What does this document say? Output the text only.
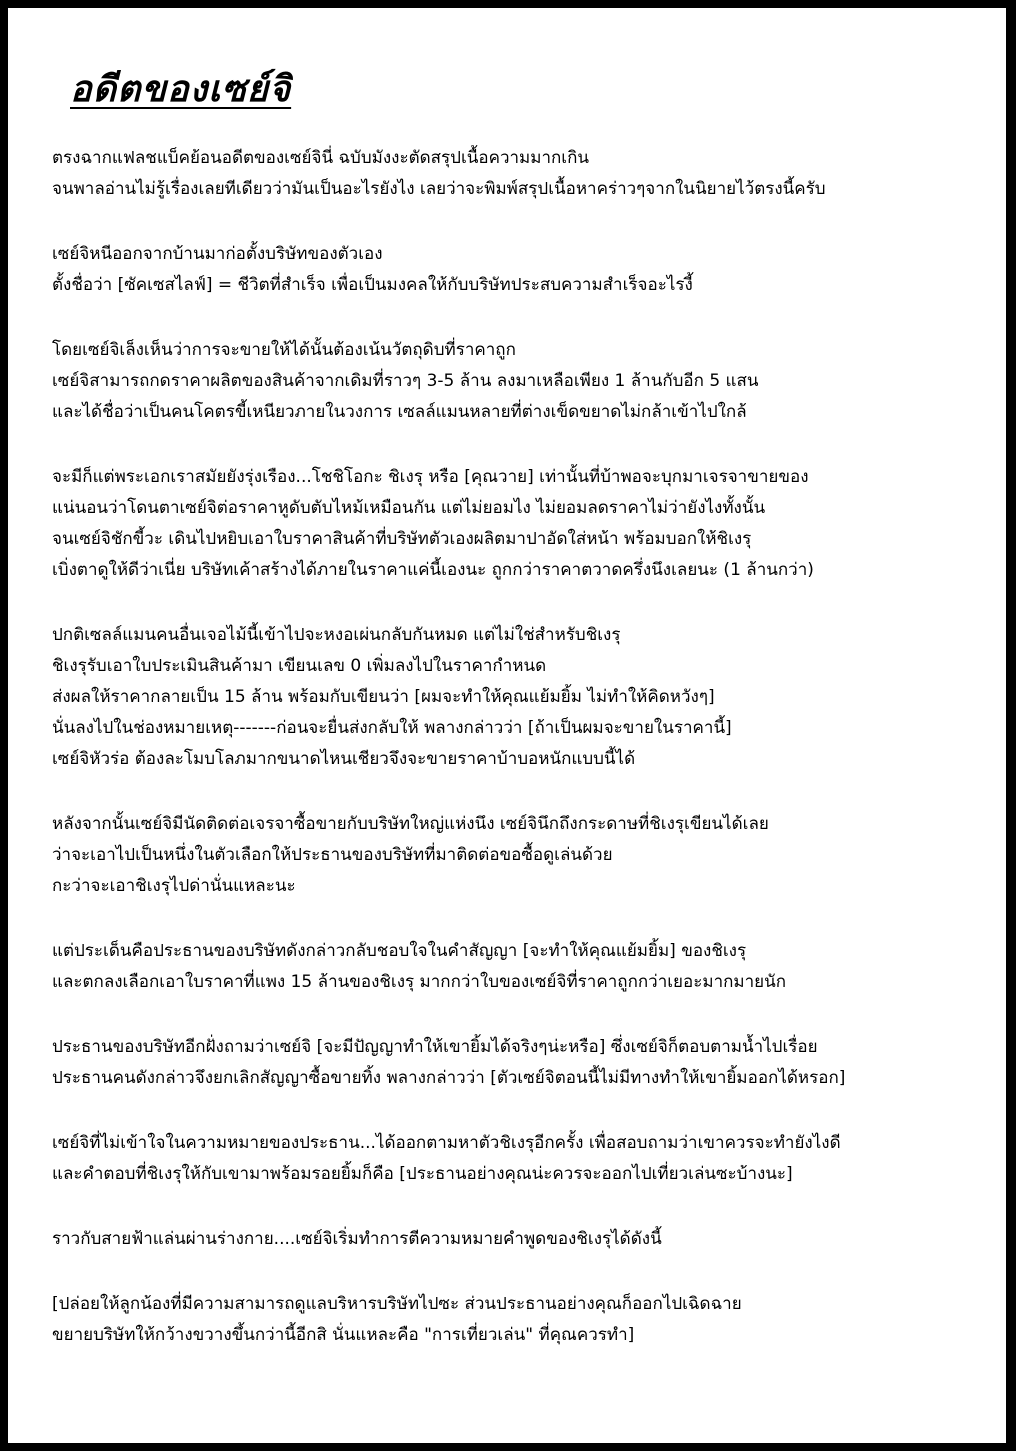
อดีตของเซย์จิ
ตรงฉากแฟลชแบ็คย้อนอดีตของเซย์จินี่ ฉบับมังงะตัดสรุปเนื้อความมากเกิน
จนพาลอ่านไม่รู้เรื่องเลยทีเดียวว่ามันเป็นอะไรยังไง เลยว่าจะพิมพ์สรุปเนื้อหาคร่าวๆจากในนิยายไว้ตรงนี้ครับ
เซย์จิหนีออกจากบ้านมาก่อตั้งบริษัทของตัวเอง
ตั้งชื่อว่า [ซัคเซสไลฟ์] = ชีวิตที่สำเร็จ เพื่อเป็นมงคลให้กับบริษัทประสบความสำเร็จอะไรงี้
โดยเซย์จิเล็งเห็นว่าการจะขายให้ได้นั้นต้องเน้นวัตถุดิบที่ราคาถูก
เซย์จิสามารถกดราคาผลิตของสินค้าจากเดิมที่ราวๆ 3-5 ล้าน ลงมาเหลือเพียง 1 ล้านกับอีก 5 แสน
และได้ชื่อว่าเป็นคนโคตรขี้เหนียวภายในวงการ เซลล์แมนหลายที่ต่างเข็ดขยาดไม่กล้าเข้าไปใกล้
จะมีก็แต่พระเอกเราสมัยยังรุ่งเรือง...โชชิโอกะ ชิเงรุ หรือ [คุณวาย] เท่านั้นที่บ้าพอจะบุกมาเจรจาขายของ
แน่นอนว่าโดนตาเซย์จิต่อราคาหูดับตับไหม้เหมือนกัน แต่ไม่ยอมไง ไม่ยอมลดราคาไม่ว่ายังไงทั้งนั้น
จนเซย์จิชักขี้วะ เดินไปหยิบเอาใบราคาสินค้าที่บริษัทตัวเองผลิตมาปาอัดใส่หน้า พร้อมบอกให้ชิเงรุ
เบิ่งตาดูให้ดีว่าเนี่ย บริษัทเค้าสร้างได้ภายในราคาแค่นี้เองนะ ถูกกว่าราคาตวาดครึ่งนึงเลยนะ (1 ล้านกว่า)
ปกติเซลล์แมนคนอื่นเจอไม้นี้เข้าไปจะหงอเผ่นกลับกันหมด แต่ไม่ใช่สำหรับชิเงรุ
ชิเงรุรับเอาใบประเมินสินค้ามา เขียนเลข 0 เพิ่มลงไปในราคากำหนด
ส่งผลให้ราคากลายเป็น 15 ล้าน พร้อมกับเขียนว่า [ผมจะทำให้คุณแย้มยิ้ม ไม่ทำให้คิดหวังๆ]
นั่นลงไปในช่องหมายเหตุ-------ก่อนจะยื่นส่งกลับให้ พลางกล่าวว่า [ถ้าเป็นผมจะขายในราคานี้]
เซย์จิหัวร่อ ต้องละโมบโลภมากขนาดไหนเชียวจึงจะขายราคาบ้าบอหนักแบบนี้ได้
หลังจากนั้นเซย์จิมีนัดติดต่อเจรจาซื้อขายกับบริษัทใหญ่แห่งนึง เซย์จินึกถึงกระดาษที่ชิเงรุเขียนได้เลย
ว่าจะเอาไปเป็นหนึ่งในตัวเลือกให้ประธานของบริษัทที่มาติดต่อขอซื้อดูเล่นด้วย
กะว่าจะเอาชิเงรุไปด่านั่นแหละนะ
แต่ประเด็นคือประธานของบริษัทดังกล่าวกลับชอบใจในคำสัญญา [จะทำให้คุณแย้มยิ้ม] ของชิเงรุ
และตกลงเลือกเอาใบราคาที่แพง 15 ล้านของชิเงรุ มากกว่าใบของเซย์จิที่ราคาถูกกว่าเยอะมากมายนัก
ประธานของบริษัทอีกฝั่งถามว่าเซย์จิ [จะมีปัญญาทำให้เขายิ้มได้จริงๆน่ะหรือ] ซึ่งเซย์จิก็ตอบตามน้ำไปเรื่อย
ประธานคนดังกล่าวจึงยกเลิกสัญญาซื้อขายทิ้ง พลางกล่าวว่า [ตัวเซย์จิตอนนี้ไม่มีทางทำให้เขายิ้มออกได้หรอก]
เซย์จิที่ไม่เข้าใจในความหมายของประธาน...ได้ออกตามหาตัวชิเงรุอีกครั้ง เพื่อสอบถามว่าเขาควรจะทำยังไงดี
และคำตอบที่ชิเงรุให้กับเขามาพร้อมรอยยิ้มก็คือ [ประธานอย่างคุณน่ะควรจะออกไปเที่ยวเล่นซะบ้างนะ]
ราวกับสายฟ้าแล่นผ่านร่างกาย....เซย์จิเริ่มทำการตีความหมายคำพูดของชิเงรุได้ดังนี้
[ปล่อยให้ลูกน้องที่มีความสามารถดูแลบริหารบริษัทไปซะ ส่วนประธานอย่างคุณก็ออกไปเฉิดฉาย
ขยายบริษัทให้กว้างขวางขึ้นกว่านี้อีกสิ นั่นแหละคือ "การเที่ยวเล่น" ที่คุณควรทำ]
